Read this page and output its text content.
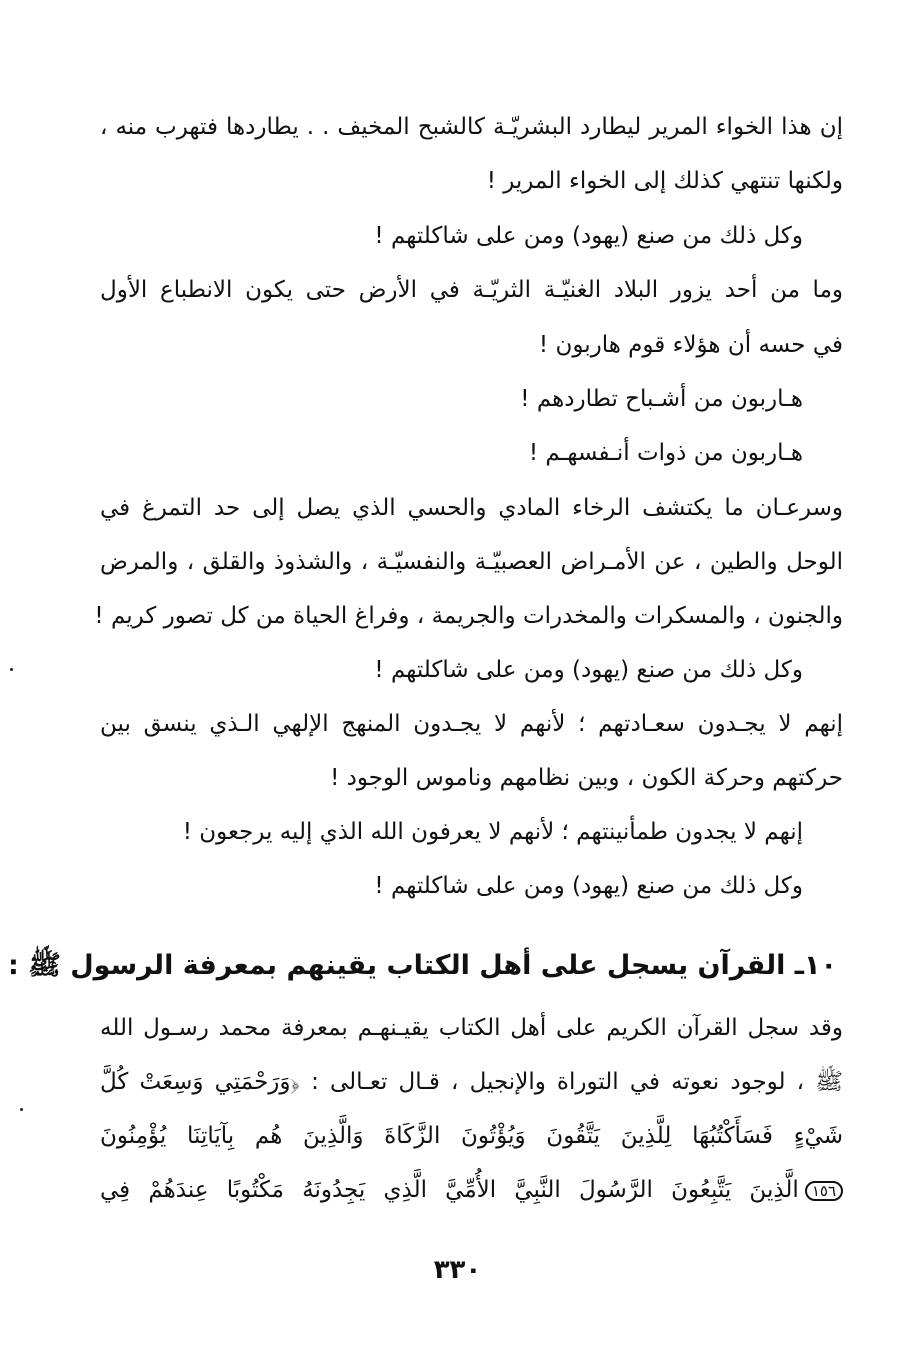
إن هذا الخواء المرير ليطارد البشريّـة كالشبح المخيف . . يطاردها فتهرب منه ،
ولكنها تنتهي كذلك إلى الخواء المرير !
وكل ذلك من صنع (يهود) ومن على شاكلتهم !
وما من أحد يزور البلاد الغنيّـة الثريّـة في الأرض حتى يكون الانطباع الأول
في حسه أن هؤلاء قوم هاربون !
هـاربون من أشـباح تطاردهم !
هـاربون من ذوات أنـفسهـم !
وسرعـان ما يكتشف الرخاء المادي والحسي الذي يصل إلى حد التمرغ في
الوحل والطين ، عن الأمـراض العصبيّـة والنفسيّـة ، والشذوذ والقلق ، والمرض
والجنون ، والمسكرات والمخدرات والجريمة ، وفراغ الحياة من كل تصور كريم !
وكل ذلك من صنع (يهود) ومن على شاكلتهم !
إنهم لا يجـدون سعـادتهم ؛ لأنهم لا يجـدون المنهج الإلهي الـذي ينسق بين
حركتهم وحركة الكون ، وبين نظامهم وناموس الوجود !
إنهم لا يجدون طمأنينتهم ؛ لأنهم لا يعرفون الله الذي إليه يرجعون !
وكل ذلك من صنع (يهود) ومن على شاكلتهم !
١٠ـ القرآن يسجل على أهل الكتاب يقينهم بمعرفة الرسول ﷺ :
وقد سجل القرآن الكريم على أهل الكتاب يقيـنهـم بمعرفة محمد رسـول الله
ﷺ ، لوجود نعوته في التوراة والإنجيل ، قـال تعـالى : ﴿وَرَحْمَتِي وَسِعَتْ كُلَّ
شَيْءٍ فَسَأَكْتُبُهَا لِلَّذِينَ يَتَّقُونَ وَيُؤْتُونَ الزَّكَاةَ وَالَّذِينَ هُم بِآيَاتِنَا يُؤْمِنُونَ
١٥٦الَّذِينَ يَتَّبِعُونَ الرَّسُولَ النَّبِيَّ الأُمِّيَّ الَّذِي يَجِدُونَهُ مَكْتُوبًا عِندَهُمْ فِي
٣٣٠
